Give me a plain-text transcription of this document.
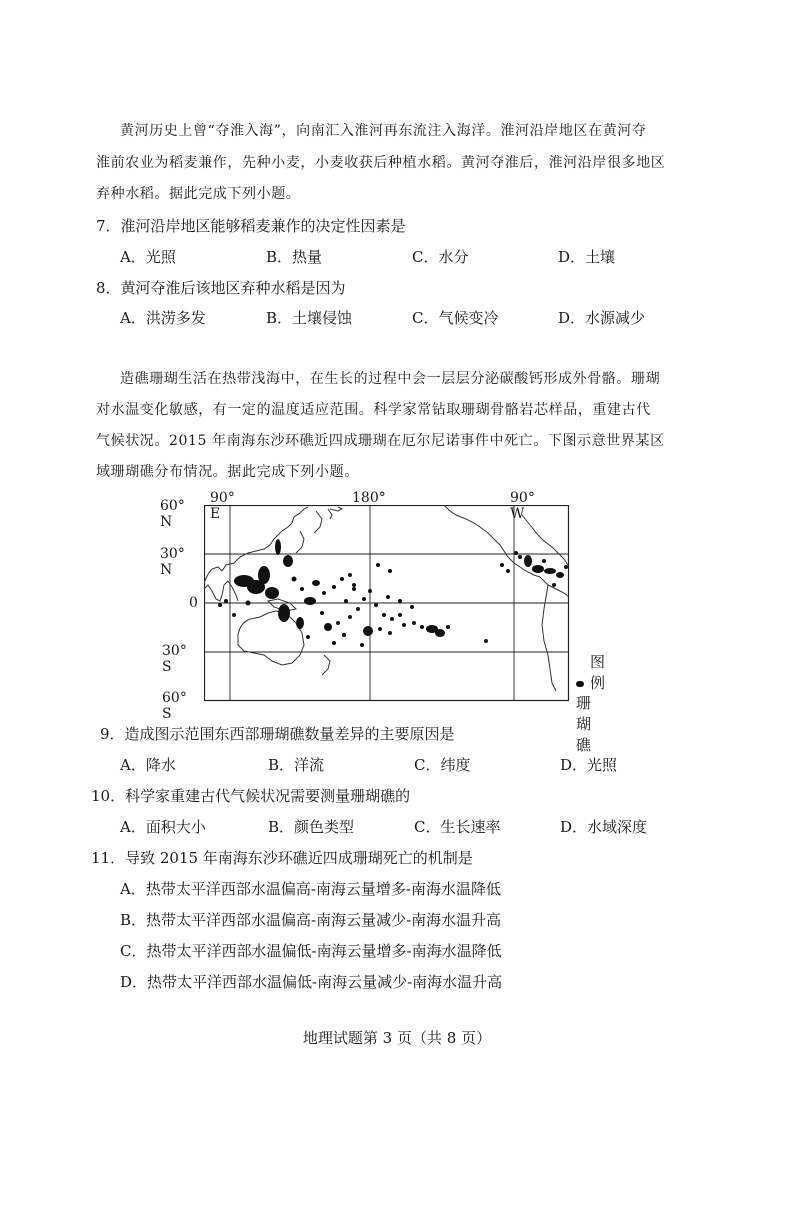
黄河历史上曾“夺淮入海”，向南汇入淮河再东流注入海洋。淮河沿岸地区在黄河夺
淮前农业为稻麦兼作，先种小麦，小麦收获后种植水稻。黄河夺淮后，淮河沿岸很多地区
弃种水稻。据此完成下列小题。
7．淮河沿岸地区能够稻麦兼作的决定性因素是
A．光照	B．热量	C．水分	D．土壤
8．黄河夺淮后该地区弃种水稻是因为
A．洪涝多发	B．土壤侵蚀	C．气候变冷	D．水源减少
造礁珊瑚生活在热带浅海中，在生长的过程中会一层层分泌碳酸钙形成外骨骼。珊瑚
对水温变化敏感，有一定的温度适应范围。科学家常钻取珊瑚骨骼岩芯样品，重建古代
气候状况。2015 年南海东沙环礁近四成珊瑚在厄尔尼诺事件中死亡。下图示意世界某区
域珊瑚礁分布情况。据此完成下列小题。
60° N
30° N
0
30° S
60° S
90° E
180°	90° W
图例
珊瑚礁
9．造成图示范围东西部珊瑚礁数量差异的主要原因是
A．降水	B．洋流	C．纬度	D．光照
10．科学家重建古代气候状况需要测量珊瑚礁的
A．面积大小	B．颜色类型	C．生长速率	D．水域深度
11．导致 2015 年南海东沙环礁近四成珊瑚死亡的机制是
A．热带太平洋西部水温偏高-南海云量增多-南海水温降低
B．热带太平洋西部水温偏高-南海云量减少-南海水温升高
C．热带太平洋西部水温偏低-南海云量增多-南海水温降低
D．热带太平洋西部水温偏低-南海云量减少-南海水温升高
地理试题第 3 页（共 8 页）
